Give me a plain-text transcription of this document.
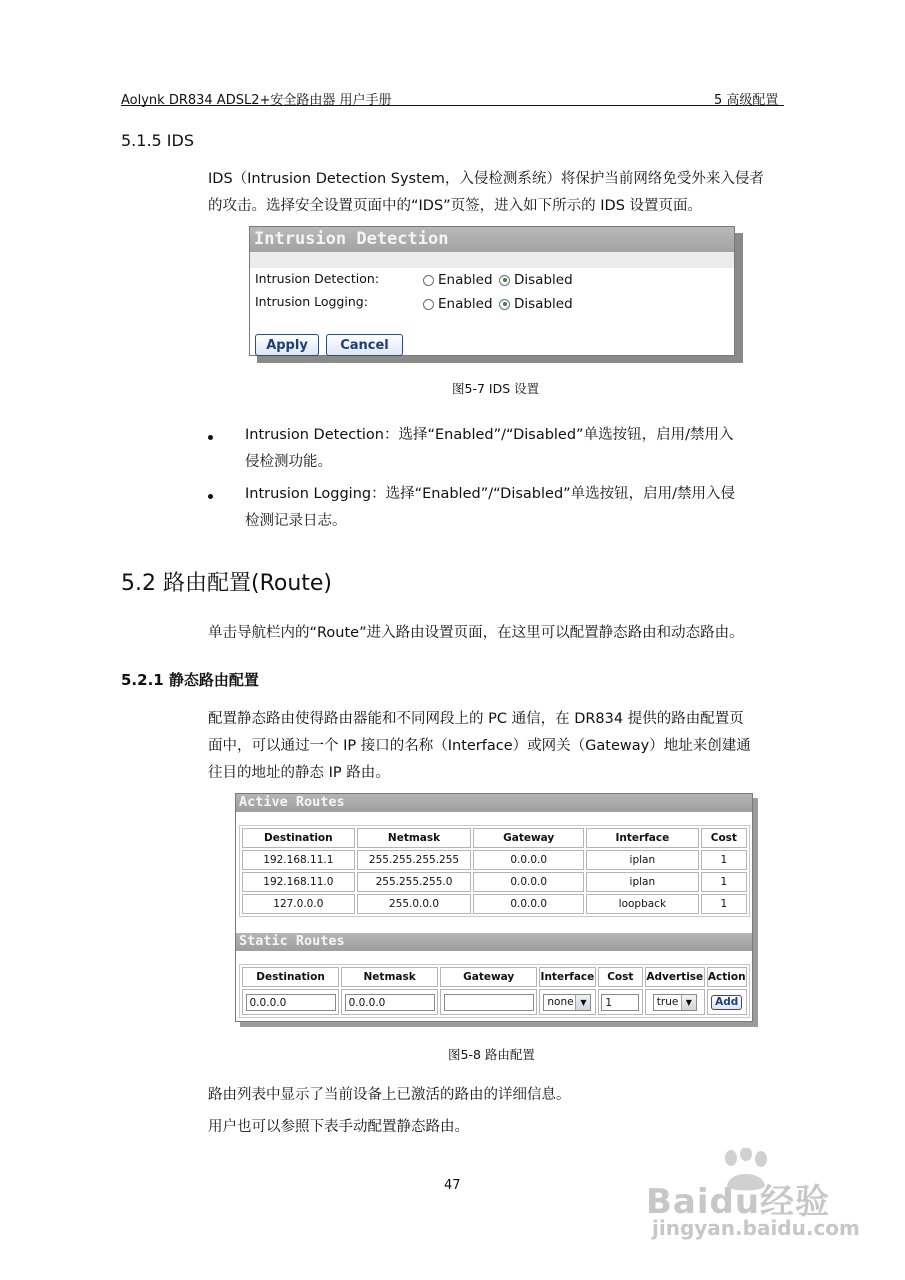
Aolynk DR834 ADSL2+安全路由器 用户手册	5 高级配置
5.1.5 IDS
IDS（Intrusion Detection System，入侵检测系统）将保护当前网络免受外来入侵者
的攻击。选择安全设置页面中的“IDS”页签，进入如下所示的 IDS 设置页面。
Intrusion Detection
Intrusion Detection:	Enabled Disabled
Intrusion Logging:	Enabled Disabled
Apply	Cancel
图5-7 IDS 设置
Intrusion Detection：选择“Enabled”/“Disabled”单选按钮，启用/禁用入
侵检测功能。
Intrusion Logging：选择“Enabled”/“Disabled”单选按钮，启用/禁用入侵
检测记录日志。
5.2 路由配置(Route)
单击导航栏内的“Route”进入路由设置页面，在这里可以配置静态路由和动态路由。
5.2.1 静态路由配置
配置静态路由使得路由器能和不同网段上的 PC 通信，在 DR834 提供的路由配置页
面中，可以通过一个 IP 接口的名称（Interface）或网关（Gateway）地址来创建通
往目的地址的静态 IP 路由。
Active Routes
Destination	Netmask	Gateway	Interface	Cost
192.168.11.1	255.255.255.255	0.0.0.0	iplan	1
192.168.11.0	255.255.255.0	0.0.0.0	iplan	1
127.0.0.0	255.0.0.0	0.0.0.0	loopback	1
Static Routes
Destination	Netmask	Gateway	Interface	Cost	Advertise	Action

0.0.0.0	0.0.0.0		none ▼	1	true ▼	Add
图5-8 路由配置
路由列表中显示了当前设备上已激活的路由的详细信息。
用户也可以参照下表手动配置静态路由。
47	Baidu经验
jingyan.baidu.com
